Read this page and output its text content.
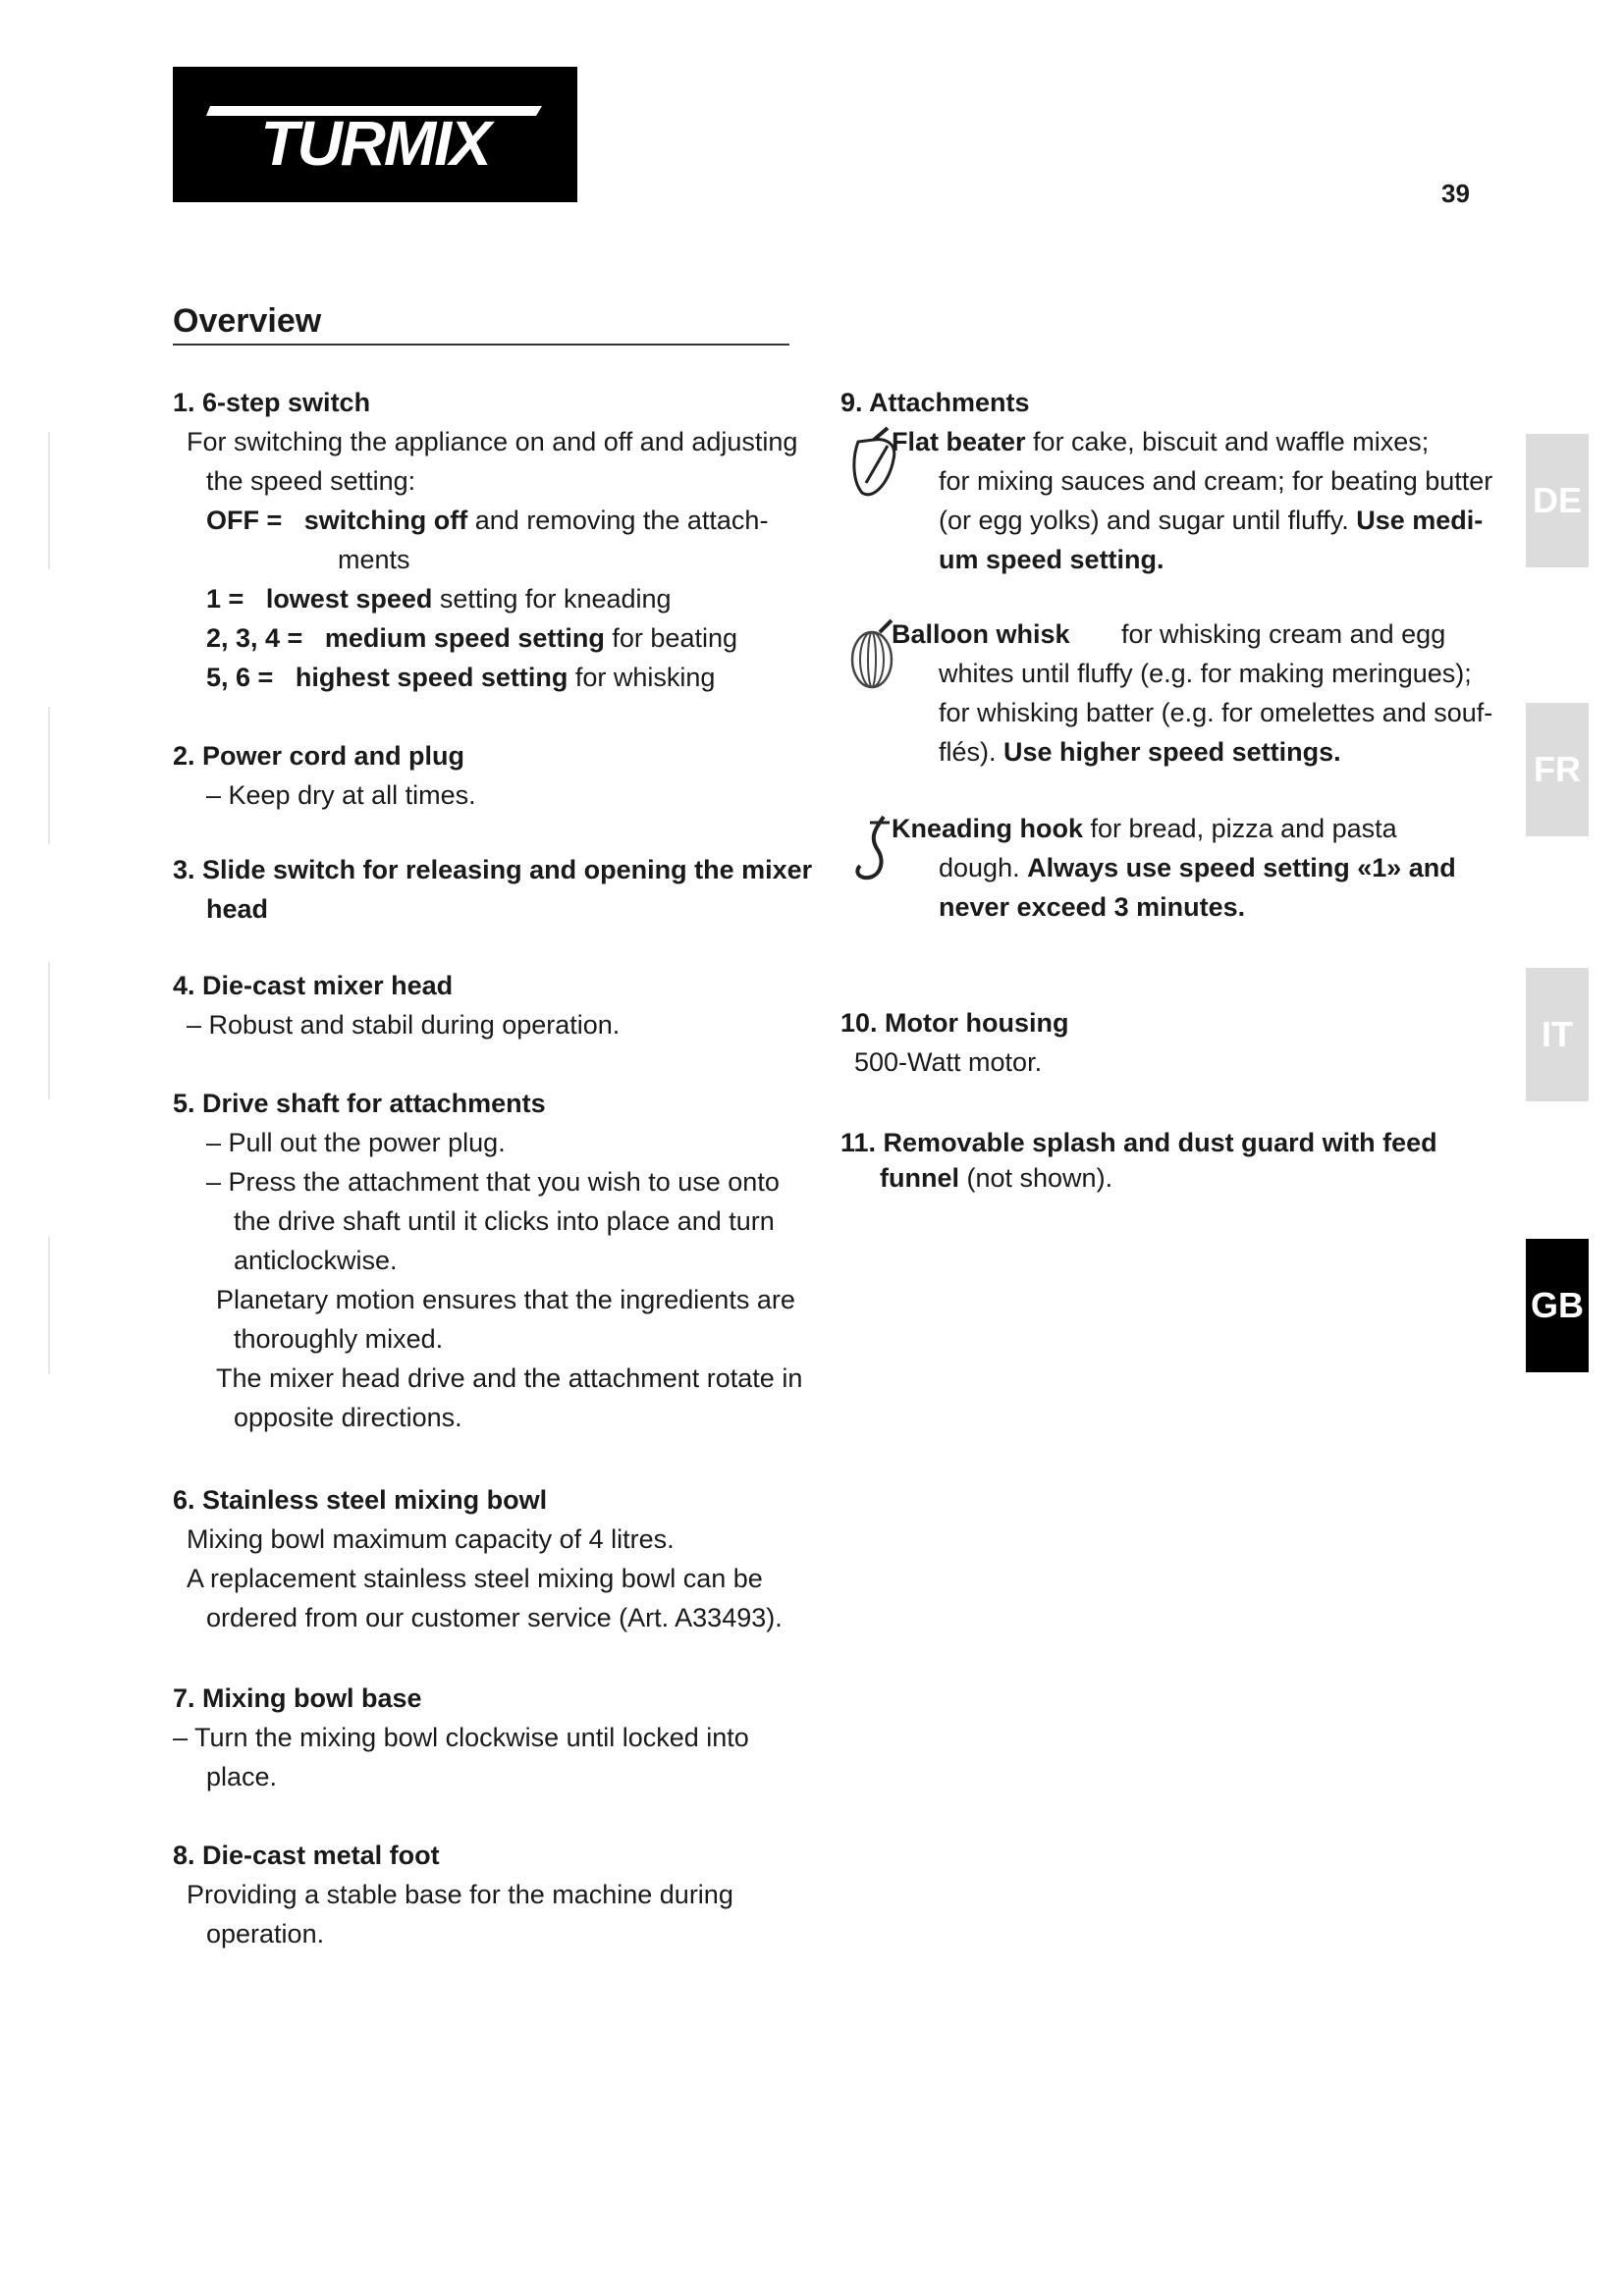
TURMIX
39
Overview
1. 6-step switch
For switching the appliance on and off and adjusting
the speed setting:
OFF = switching off and removing the attach-
ments
1 = lowest speed setting for kneading
2, 3, 4 = medium speed setting for beating
5, 6 = highest speed setting for whisking
2. Power cord and plug
– Keep dry at all times.
3. Slide switch for releasing and opening the mixer
head
4. Die-cast mixer head
– Robust and stabil during operation.
5. Drive shaft for attachments
– Pull out the power plug.
– Press the attachment that you wish to use onto
the drive shaft until it clicks into place and turn
anticlockwise.
Planetary motion ensures that the ingredients are
thoroughly mixed.
The mixer head drive and the attachment rotate in
opposite directions.
6. Stainless steel mixing bowl
Mixing bowl maximum capacity of 4 litres.
A replacement stainless steel mixing bowl can be
ordered from our customer service (Art. A33493).
7. Mixing bowl base
– Turn the mixing bowl clockwise until locked into
place.
8. Die-cast metal foot
Providing a stable base for the machine during
operation.
9. Attachments
Flat beater for cake, biscuit and waffle mixes;
for mixing sauces and cream; for beating butter
(or egg yolks) and sugar until fluffy. Use medi-
um speed setting.
Balloon whisk for whisking cream and egg
whites until fluffy (e.g. for making meringues);
for whisking batter (e.g. for omelettes and souf-
flés). Use higher speed settings.
Kneading hook for bread, pizza and pasta
dough. Always use speed setting «1» and
never exceed 3 minutes.
10. Motor housing
500-Watt motor.
11. Removable splash and dust guard with feed
funnel (not shown).
DE
FR
IT
GB
